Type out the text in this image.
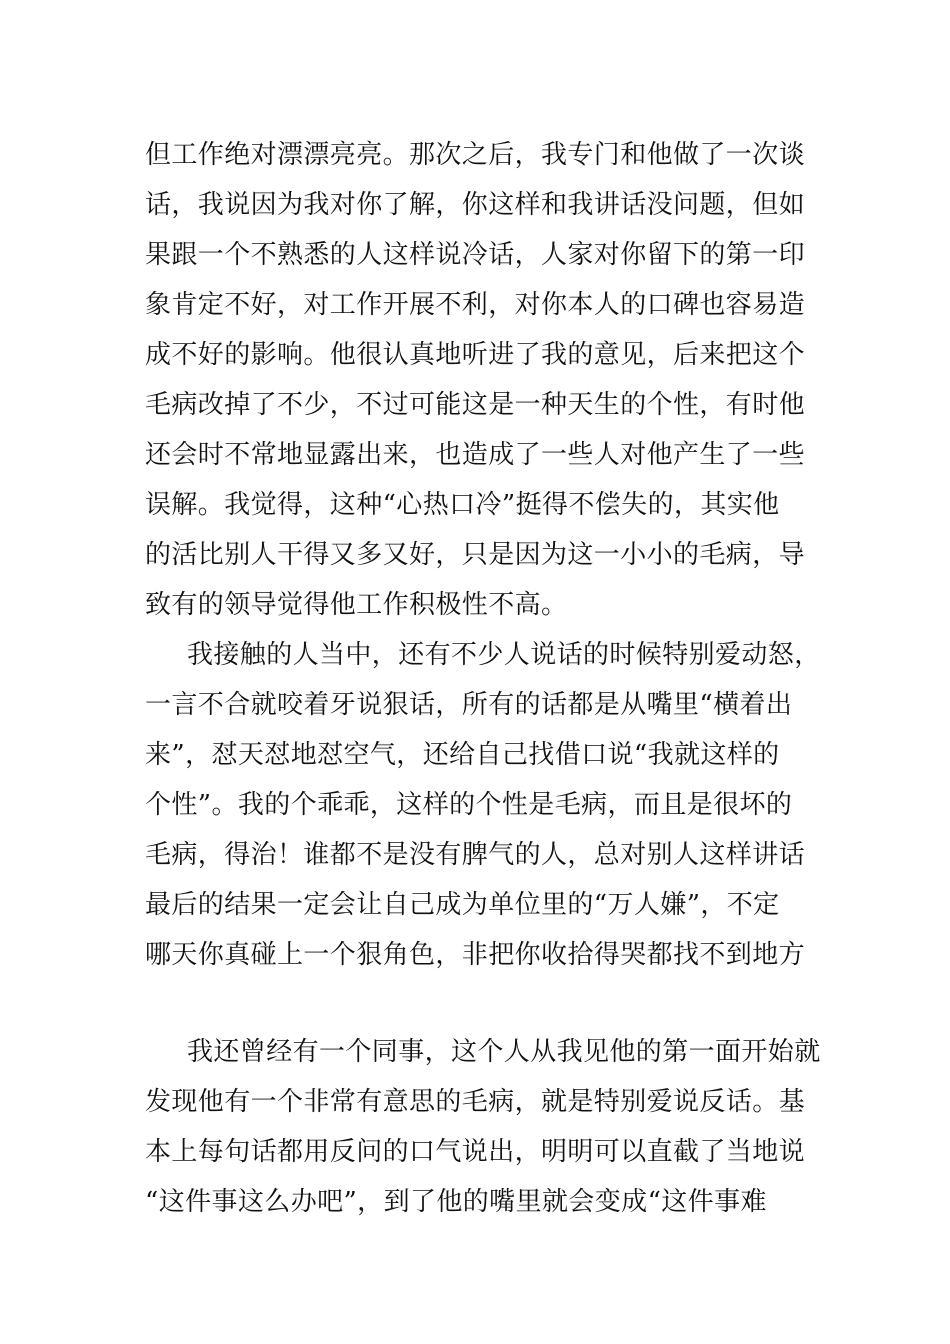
但工作绝对漂漂亮亮。那次之后，我专门和他做了一次谈
话，我说因为我对你了解，你这样和我讲话没问题，但如
果跟一个不熟悉的人这样说冷话，人家对你留下的第一印
象肯定不好，对工作开展不利，对你本人的口碑也容易造
成不好的影响。他很认真地听进了我的意见，后来把这个
毛病改掉了不少，不过可能这是一种天生的个性，有时他
还会时不常地显露出来，也造成了一些人对他产生了一些
误解。我觉得，这种“心热口冷”挺得不偿失的，其实他
的活比别人干得又多又好，只是因为这一小小的毛病，导
致有的领导觉得他工作积极性不高。
我接触的人当中，还有不少人说话的时候特别爱动怒，
一言不合就咬着牙说狠话，所有的话都是从嘴里“横着出
来”，怼天怼地怼空气，还给自己找借口说“我就这样的
个性”。我的个乖乖，这样的个性是毛病，而且是很坏的
毛病，得治！谁都不是没有脾气的人，总对别人这样讲话
最后的结果一定会让自己成为单位里的“万人嫌”，不定
哪天你真碰上一个狠角色，非把你收拾得哭都找不到地方
我还曾经有一个同事，这个人从我见他的第一面开始就
发现他有一个非常有意思的毛病，就是特别爱说反话。基
本上每句话都用反问的口气说出，明明可以直截了当地说
“这件事这么办吧”，到了他的嘴里就会变成“这件事难
